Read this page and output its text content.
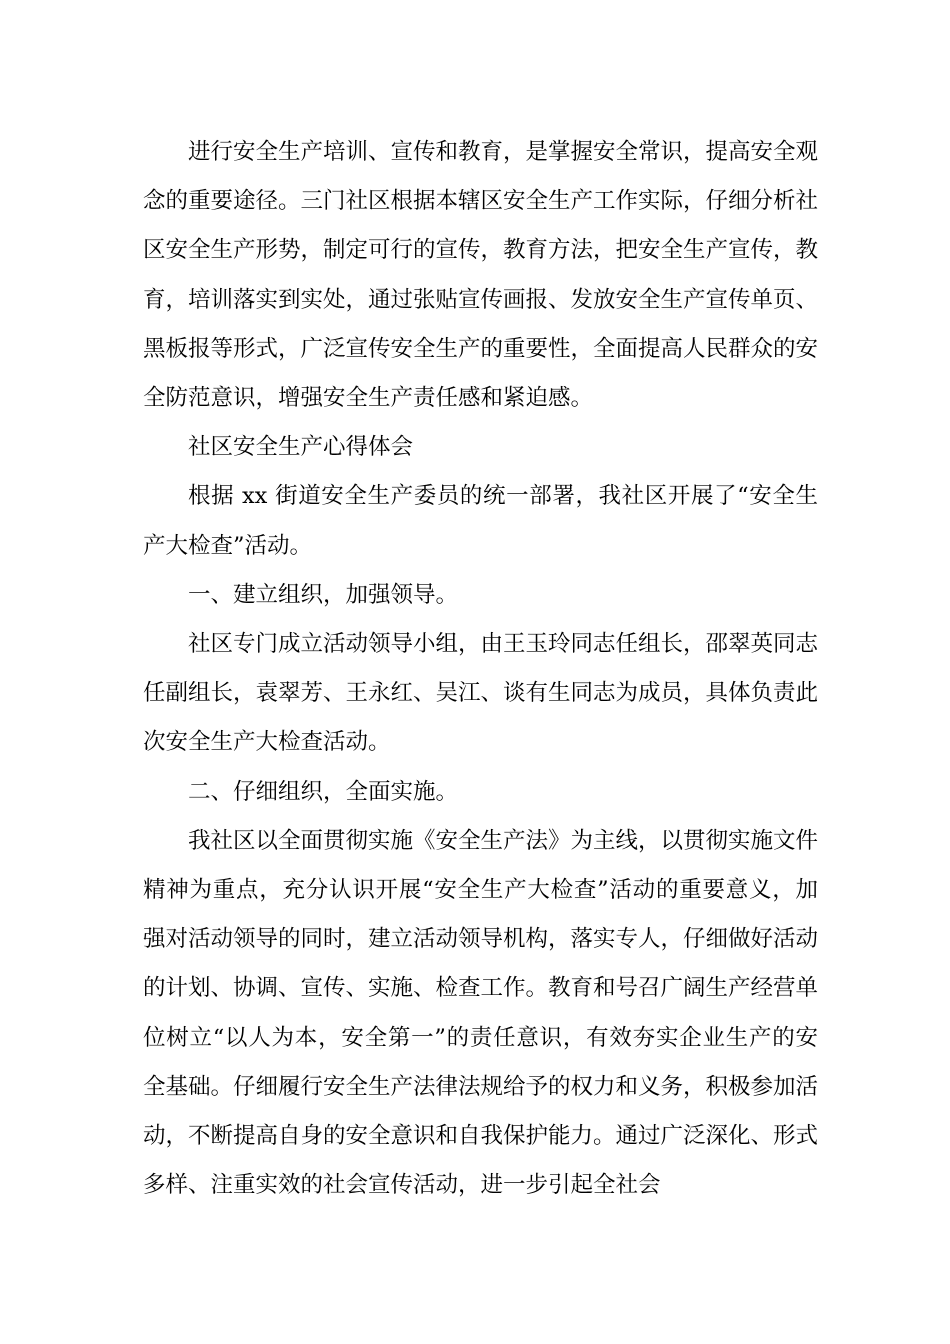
进行安全生产培训、宣传和教育，是掌握安全常识，提高安全观念的重要途径。三门社区根据本辖区安全生产工作实际，仔细分析社区安全生产形势，制定可行的宣传，教育方法，把安全生产宣传，教育，培训落实到实处，通过张贴宣传画报、发放安全生产宣传单页、黑板报等形式，广泛宣传安全生产的重要性，全面提高人民群众的安全防范意识，增强安全生产责任感和紧迫感。

社区安全生产心得体会

根据 xx 街道安全生产委员的统一部署，我社区开展了“安全生产大检查”活动。

一、建立组织，加强领导。

社区专门成立活动领导小组，由王玉玲同志任组长，邵翠英同志任副组长，袁翠芳、王永红、吴江、谈有生同志为成员，具体负责此次安全生产大检查活动。

二、仔细组织，全面实施。

我社区以全面贯彻实施《安全生产法》为主线，以贯彻实施文件精神为重点，充分认识开展“安全生产大检查”活动的重要意义，加强对活动领导的同时，建立活动领导机构，落实专人，仔细做好活动的计划、协调、宣传、实施、检查工作。教育和号召广阔生产经营单位树立“以人为本，安全第一”的责任意识，有效夯实企业生产的安全基础。仔细履行安全生产法律法规给予的权力和义务，积极参加活动，不断提高自身的安全意识和自我保护能力。通过广泛深化、形式多样、注重实效的社会宣传活动，进一步引起全社会
